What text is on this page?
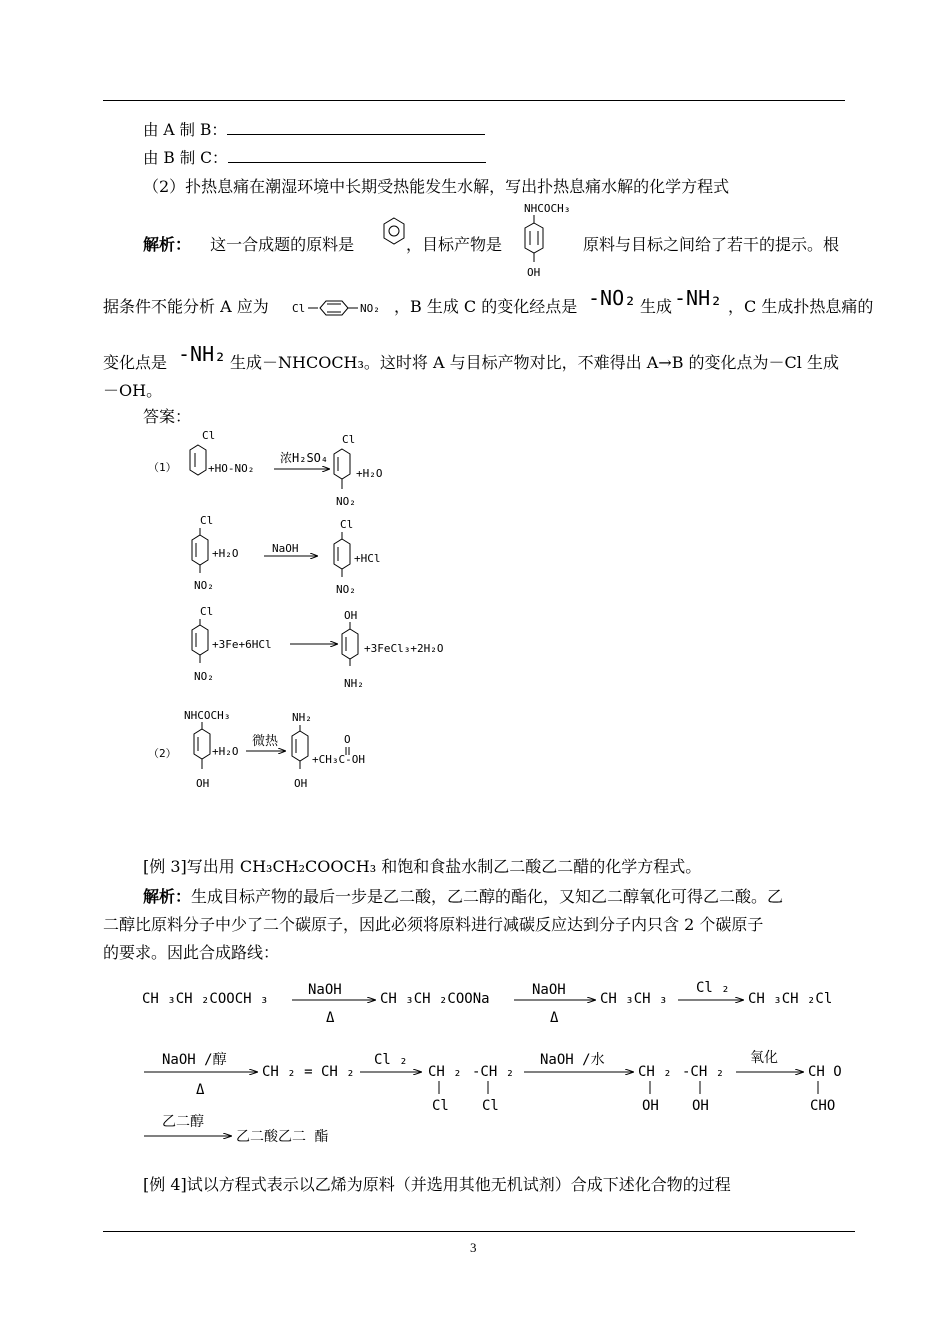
由 A 制 B：
由 B 制 C：
（2）扑热息痛在潮湿环境中长期受热能发生水解，写出扑热息痛水解的化学方程式
解析： 这一合成题的原料是	，目标产物是
NHCOCH₃
OH
原料与目标之间给了若干的提示。根
据条件不能分析 A 应为 Cl	NO₂ ，B 生成 C 的变化经点是 -NO₂ 生成 -NH₂ ，C 生成扑热息痛的
变化点是 -NH₂ 生成－NHCOCH₃。这时将 A 与目标产物对比，不难得出 A→B 的变化点为－Cl 生成
－OH。
答案：
（1）
Cl
+HO-NO₂
浓H₂SO₄
Cl
+H₂O
NO₂
Cl
+H₂O
NO₂
NaOH
Cl
+HCl
NO₂
Cl
+3Fe+6HCl
NO₂
OH
+3FeCl₃+2H₂O
NH₂
NHCOCH₃
（2）	+H₂O
OH
微热
NH₂
+CH₃C-OH
O
OH
[例 3]写出用 CH₃CH₂COOCH₃ 和饱和食盐水制乙二酸乙二醋的化学方程式。
解析：生成目标产物的最后一步是乙二酸，乙二醇的酯化，又知乙二醇氧化可得乙二酸。乙
二醇比原料分子中少了二个碳原子，因此必须将原料进行减碳反应达到分子内只含 2 个碳原子
的要求。因此合成路线：
CH ₃CH ₂COOCH ₃
NaOH
Δ
CH ₃CH ₂COONa
NaOH
Δ
CH ₃CH ₃
Cl ₂
CH ₃CH ₂Cl
NaOH /醇
Δ
CH ₂ = CH ₂
Cl ₂
CH ₂ -CH ₂
Cl Cl
NaOH /水
CH ₂ -CH ₂
OH OH
氧化
CH O
CHO
乙二醇
乙二酸乙二 酯
[例 4]试以方程式表示以乙烯为原料（并选用其他无机试剂）合成下述化合物的过程
3
